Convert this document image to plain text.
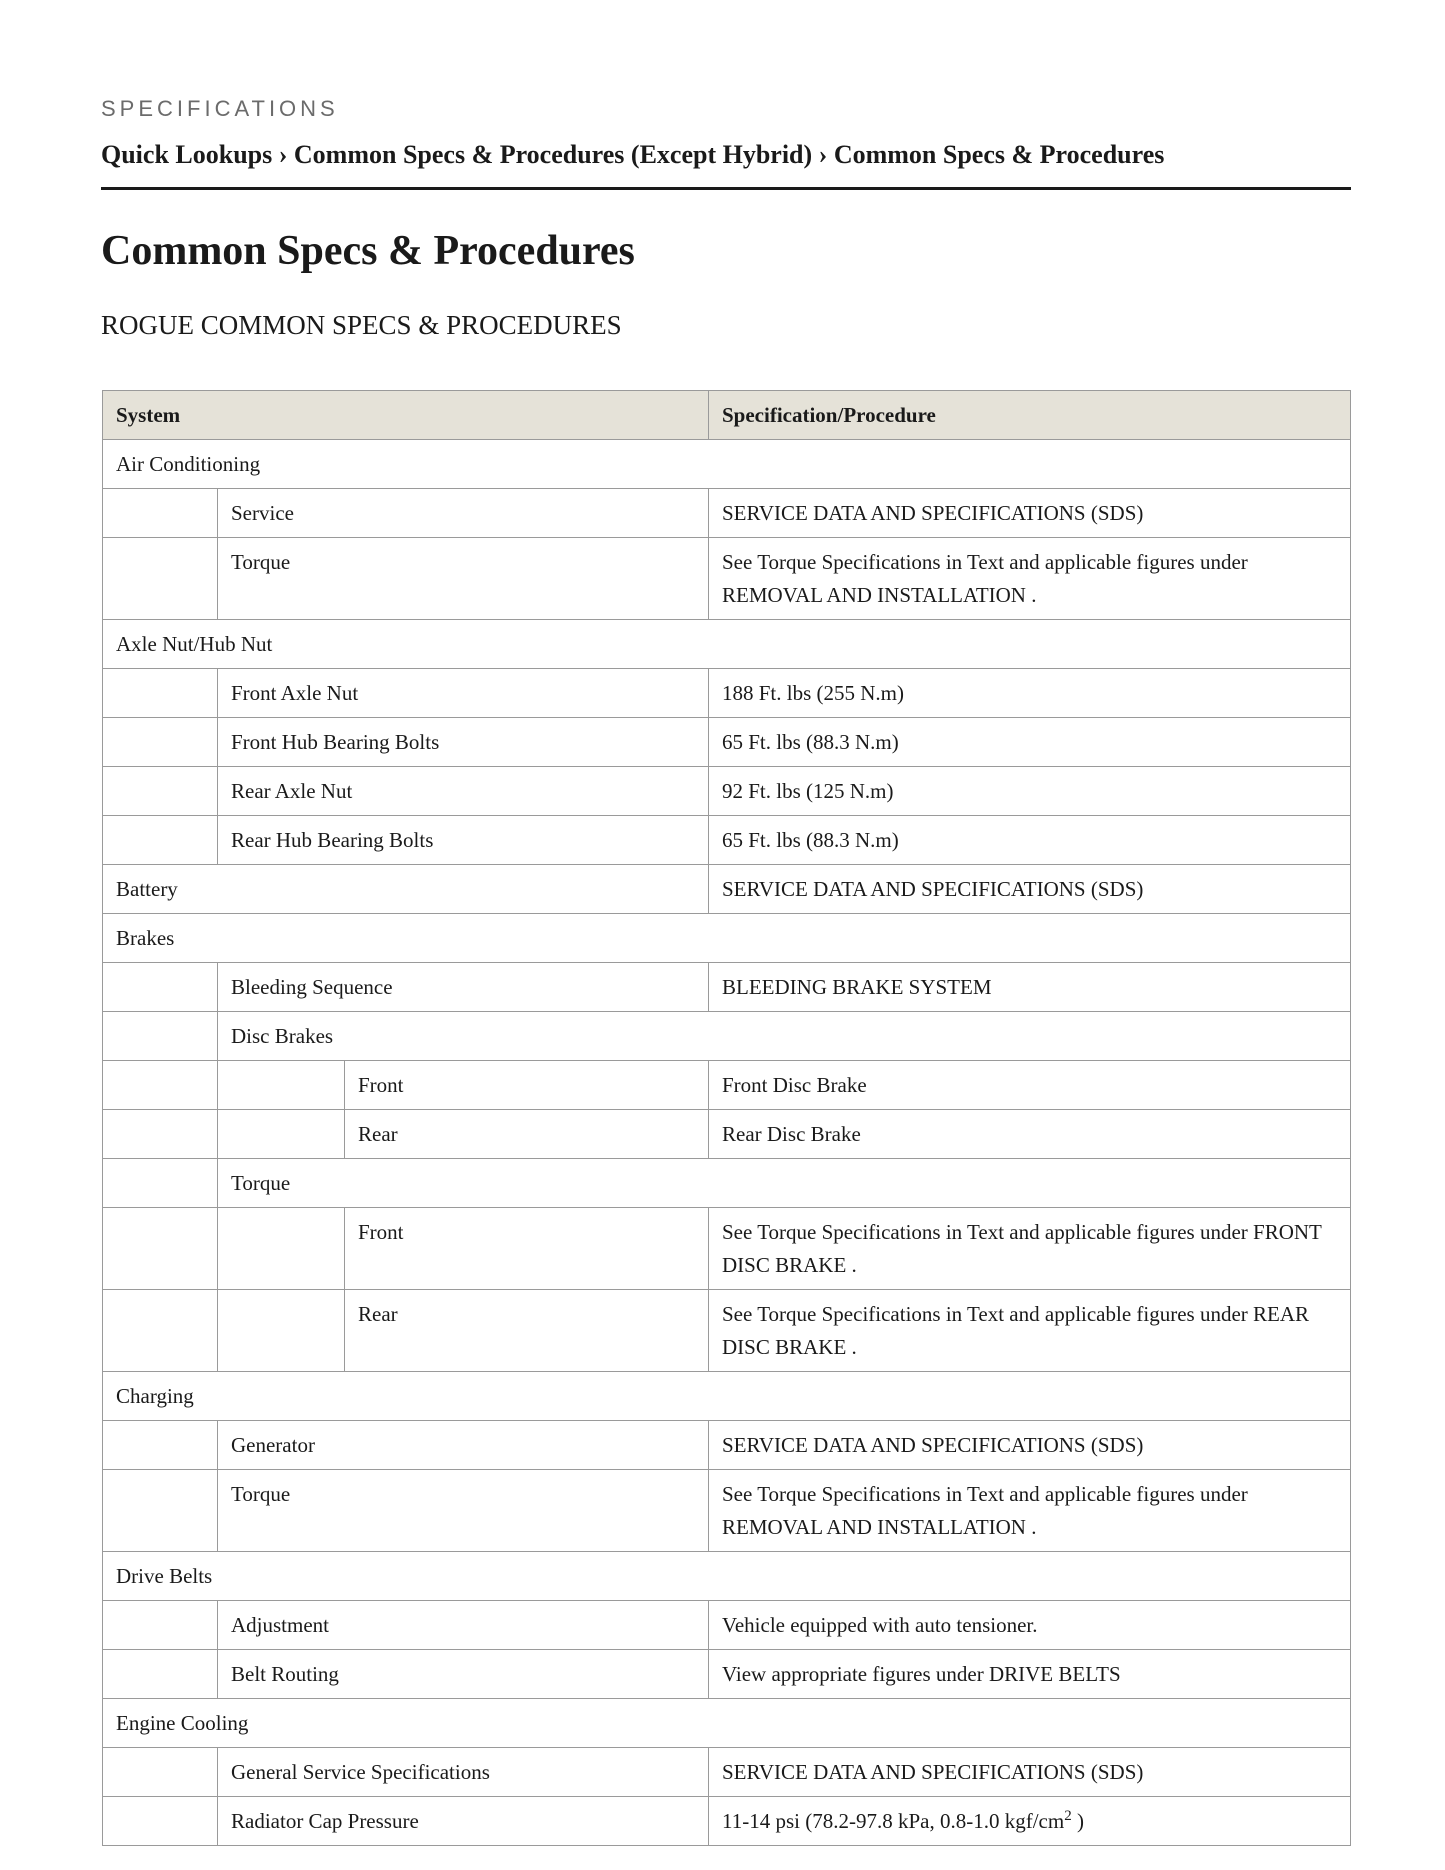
SPECIFICATIONS
Quick Lookups › Common Specs & Procedures (Except Hybrid) › Common Specs & Procedures
Common Specs & Procedures
ROGUE COMMON SPECS & PROCEDURES
System			Specification/Procedure
Air Conditioning			
	Service		SERVICE DATA AND SPECIFICATIONS (SDS)
	Torque		See Torque Specifications in Text and applicable figures under REMOVAL AND INSTALLATION .
Axle Nut/Hub Nut			
	Front Axle Nut		188 Ft. lbs (255 N.m)
	Front Hub Bearing Bolts		65 Ft. lbs (88.3 N.m)
	Rear Axle Nut		92 Ft. lbs (125 N.m)
	Rear Hub Bearing Bolts		65 Ft. lbs (88.3 N.m)
Battery			SERVICE DATA AND SPECIFICATIONS (SDS)
Brakes			
	Bleeding Sequence		BLEEDING BRAKE SYSTEM
	Disc Brakes		
		Front	Front Disc Brake
		Rear	Rear Disc Brake
	Torque		
		Front	See Torque Specifications in Text and applicable figures under FRONT DISC BRAKE .
		Rear	See Torque Specifications in Text and applicable figures under REAR DISC BRAKE .
Charging			
	Generator		SERVICE DATA AND SPECIFICATIONS (SDS)
	Torque		See Torque Specifications in Text and applicable figures under REMOVAL AND INSTALLATION .
Drive Belts			
	Adjustment		Vehicle equipped with auto tensioner.
	Belt Routing		View appropriate figures under DRIVE BELTS
Engine Cooling			
	General Service Specifications		SERVICE DATA AND SPECIFICATIONS (SDS)
	Radiator Cap Pressure		11-14 psi (78.2-97.8 kPa, 0.8-1.0 kgf/$cm^2$ )
